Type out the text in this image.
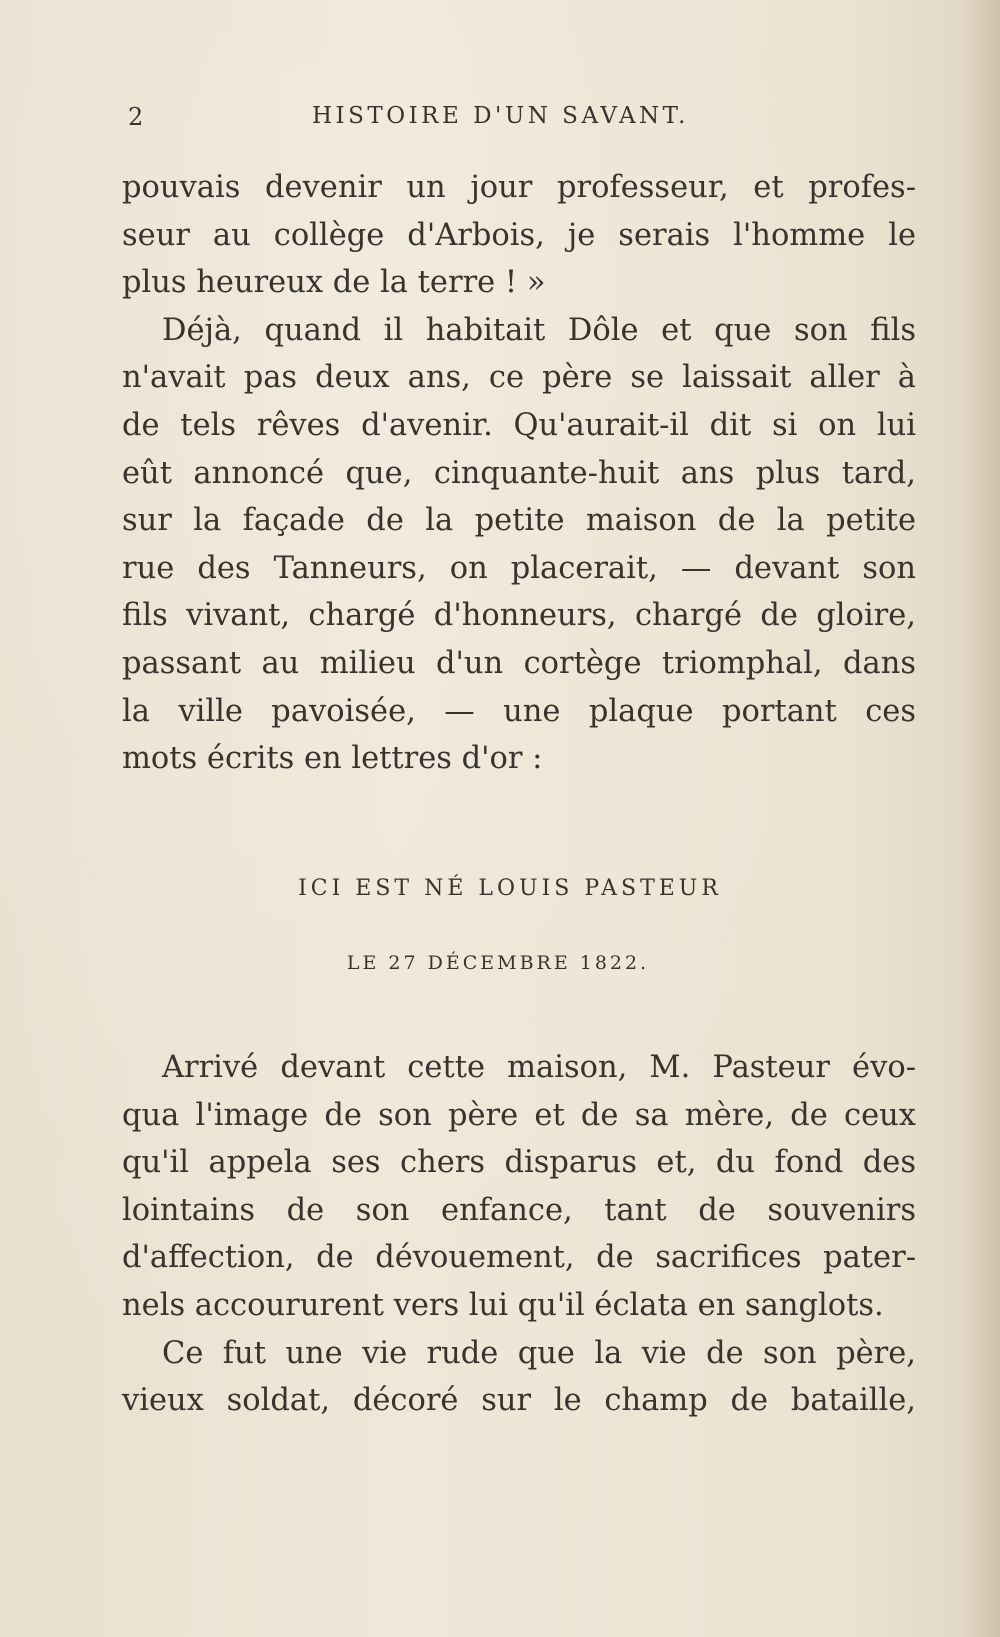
2	HISTOIRE D'UN SAVANT.

pouvais devenir un jour professeur, et profes-
seur au collège d'Arbois, je serais l'homme le
plus heureux de la terre ! »

Déjà, quand il habitait Dôle et que son fils
n'avait pas deux ans, ce père se laissait aller à
de tels rêves d'avenir. Qu'aurait-il dit si on lui
eût annoncé que, cinquante-huit ans plus tard,
sur la façade de la petite maison de la petite
rue des Tanneurs, on placerait, — devant son
fils vivant, chargé d'honneurs, chargé de gloire,
passant au milieu d'un cortège triomphal, dans
la ville pavoisée, — une plaque portant ces
mots écrits en lettres d'or :

ICI EST NÉ LOUIS PASTEUR
LE 27 DÉCEMBRE 1822.

Arrivé devant cette maison, M. Pasteur évo-
qua l'image de son père et de sa mère, de ceux
qu'il appela ses chers disparus et, du fond des
lointains de son enfance, tant de souvenirs
d'affection, de dévouement, de sacrifices pater-
nels accoururent vers lui qu'il éclata en sanglots.

Ce fut une vie rude que la vie de son père,
vieux soldat, décoré sur le champ de bataille,
